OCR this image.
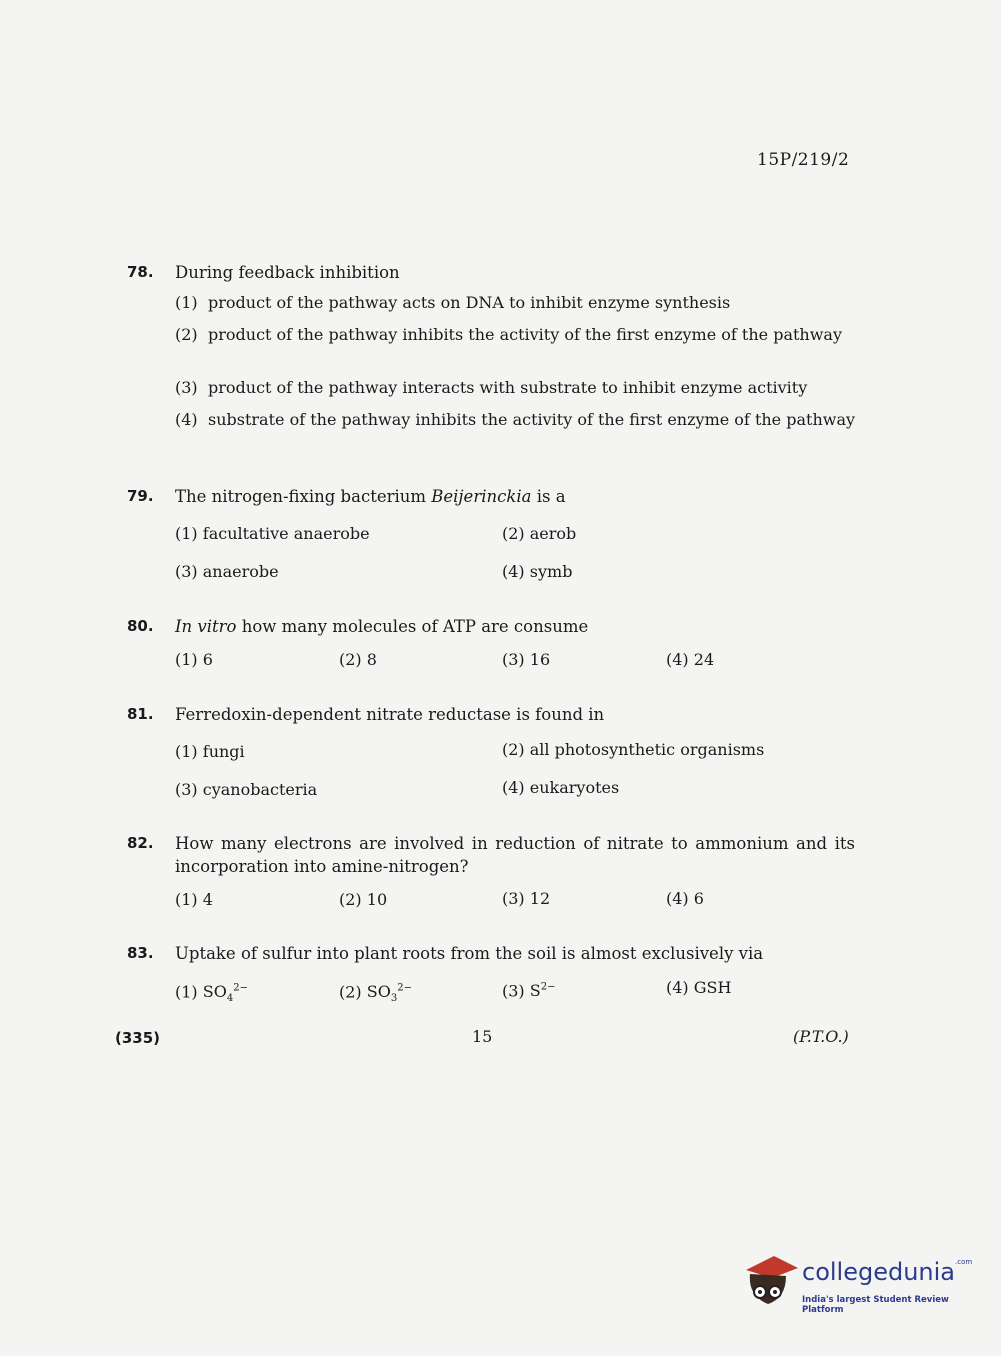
15P/219/2
78. During feedback inhibition
(1) product of the pathway acts on DNA to inhibit enzyme synthesis
(2) product of the pathway inhibits the activity of the first enzyme of the pathway
(3) product of the pathway interacts with substrate to inhibit enzyme activity
(4) substrate of the pathway inhibits the activity of the first enzyme of the pathway
79. The nitrogen-fixing bacterium Beijerinckia is a
(1) facultative anaerobe	(2) aerob
(3) anaerobe	(4) symb
80. In vitro how many molecules of ATP are consume
(1) 6	(2) 8	(3) 16	(4) 24
81. Ferredoxin-dependent nitrate reductase is found in
(1) fungi	(2) all photosynthetic organisms
(3) cyanobacteria	(4) eukaryotes
82. How many electrons are involved in reduction of nitrate to ammonium and its incorporation into amine-nitrogen?
(1) 4	(2) 10	(3) 12	(4) 6
83. Uptake of sulfur into plant roots from the soil is almost exclusively via
(1) $SO_4^{2-}$	(2) $SO_3^{2-}$	(3) $S^{2-}$	(4) GSH
(335)	15	(P.T.O.)
collegedunia$^{.com}$
India's largest Student Review Platform
